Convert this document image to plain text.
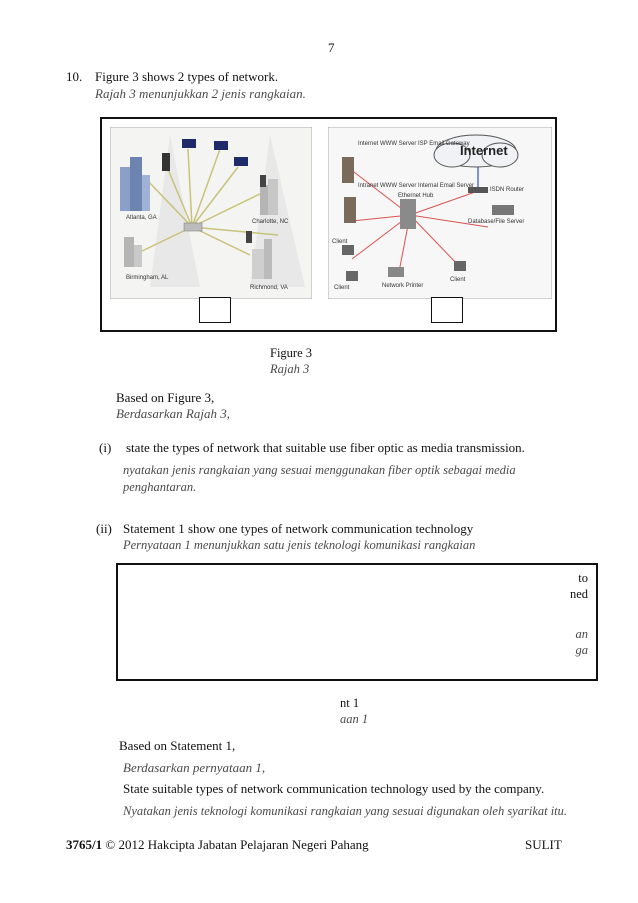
7
10. Figure 3 shows 2 types of network.
Rajah 3 menunjukkan 2 jenis rangkaian.
Atlanta, GA
Birmingham, AL
Charlotte, NC
Richmond, VA
Internet
Internet WWW Server ISP Email Gateway
Intranet WWW Server Internal Email Server
ISDN Router
Ethernet Hub
Database/File Server
Client
Client	Network Printer
Client
Figure 3
Rajah 3
Based on Figure 3,
Berdasarkan Rajah 3,
(i) state the types of network that suitable use fiber optic as media transmission.
nyatakan jenis rangkaian yang sesuai menggunakan fiber optik sebagai media
penghantaran.
(ii) Statement 1 show one types of network communication technology
Pernyataan 1 menunjukkan satu jenis teknologi komunikasi rangkaian
to
ned
an
ga
nt 1
aan 1
Based on Statement 1,
Berdasarkan pernyataan 1,
State suitable types of network communication technology used by the company.
Nyatakan jenis teknologi komunikasi rangkaian yang sesuai digunakan oleh syarikat itu.
3765/1 © 2012 Hakcipta Jabatan Pelajaran Negeri Pahang	SULIT
